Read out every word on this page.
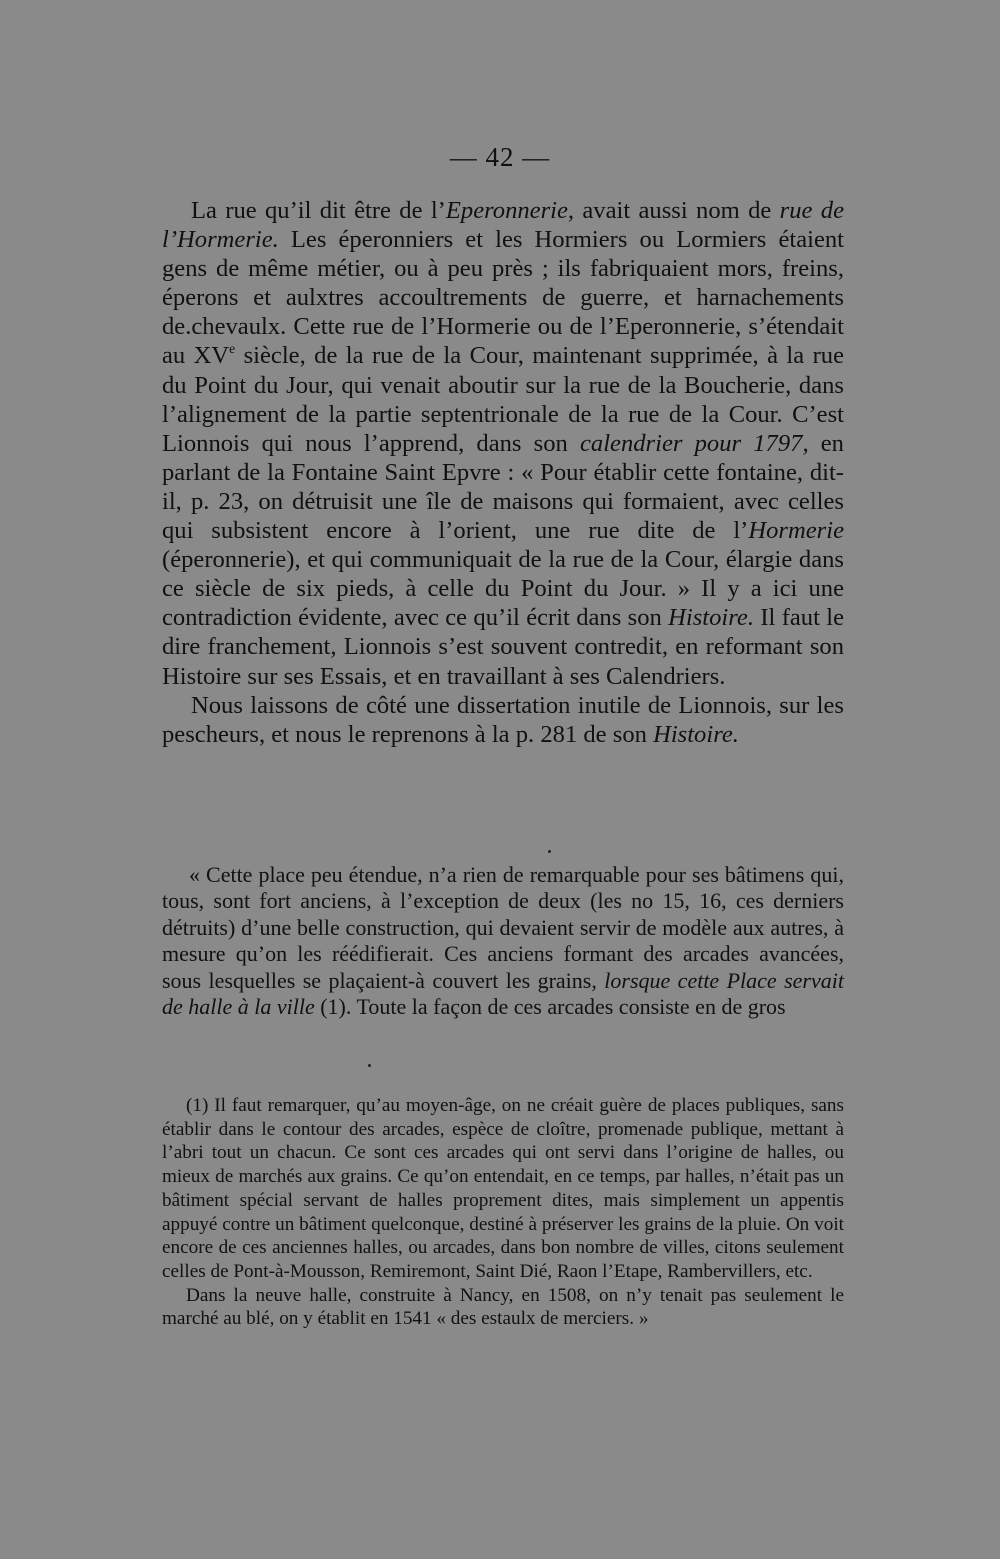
— 42 —

La rue qu’il dit être de l’Eperonnerie, avait aussi nom de rue de l’Hormerie. Les éperonniers et les Hormiers ou Lormiers étaient gens de même métier, ou à peu près ; ils fabriquaient mors, freins, éperons et aulxtres accoultrements de guerre, et harnachements de.chevaulx. Cette rue de l’Hormerie ou de l’Eperonnerie, s’étendait au XVe siècle, de la rue de la Cour, maintenant supprimée, à la rue du Point du Jour, qui venait aboutir sur la rue de la Boucherie, dans l’alignement de la partie septentrionale de la rue de la Cour. C’est Lionnois qui nous l’apprend, dans son calendrier pour 1797, en parlant de la Fontaine Saint Epvre : « Pour établir cette fontaine, dit-il, p. 23, on détruisit une île de maisons qui formaient, avec celles qui subsistent encore à l’orient, une rue dite de l’Hormerie (éperonnerie), et qui communiquait de la rue de la Cour, élargie dans ce siècle de six pieds, à celle du Point du Jour. » Il y a ici une contradiction évidente, avec ce qu’il écrit dans son Histoire. Il faut le dire franchement, Lionnois s’est souvent contredit, en reformant son Histoire sur ses Essais, et en travaillant à ses Calendriers.

Nous laissons de côté une dissertation inutile de Lionnois, sur les pescheurs, et nous le reprenons à la p. 281 de son Histoire.

« Cette place peu étendue, n’a rien de remarquable pour ses bâtimens qui, tous, sont fort anciens, à l’exception de deux (les no 15, 16, ces derniers détruits) d’une belle construction, qui devaient servir de modèle aux autres, à mesure qu’on les réédifierait. Ces anciens formant des arcades avancées, sous lesquelles se plaçaient-à couvert les grains, lorsque cette Place servait de halle à la ville (1). Toute la façon de ces arcades consiste en de gros

(1) Il faut remarquer, qu’au moyen-âge, on ne créait guère de places publiques, sans établir dans le contour des arcades, espèce de cloître, promenade publique, mettant à l’abri tout un chacun. Ce sont ces arcades qui ont servi dans l’origine de halles, ou mieux de marchés aux grains. Ce qu’on entendait, en ce temps, par halles, n’était pas un bâtiment spécial servant de halles proprement dites, mais simplement un appentis appuyé contre un bâtiment quelconque, destiné à préserver les grains de la pluie. On voit encore de ces anciennes halles, ou arcades, dans bon nombre de villes, citons seulement celles de Pont-à-Mousson, Remiremont, Saint Dié, Raon l’Etape, Rambervillers, etc.

Dans la neuve halle, construite à Nancy, en 1508, on n’y tenait pas seulement le marché au blé, on y établit en 1541 « des estaulx de merciers. »
